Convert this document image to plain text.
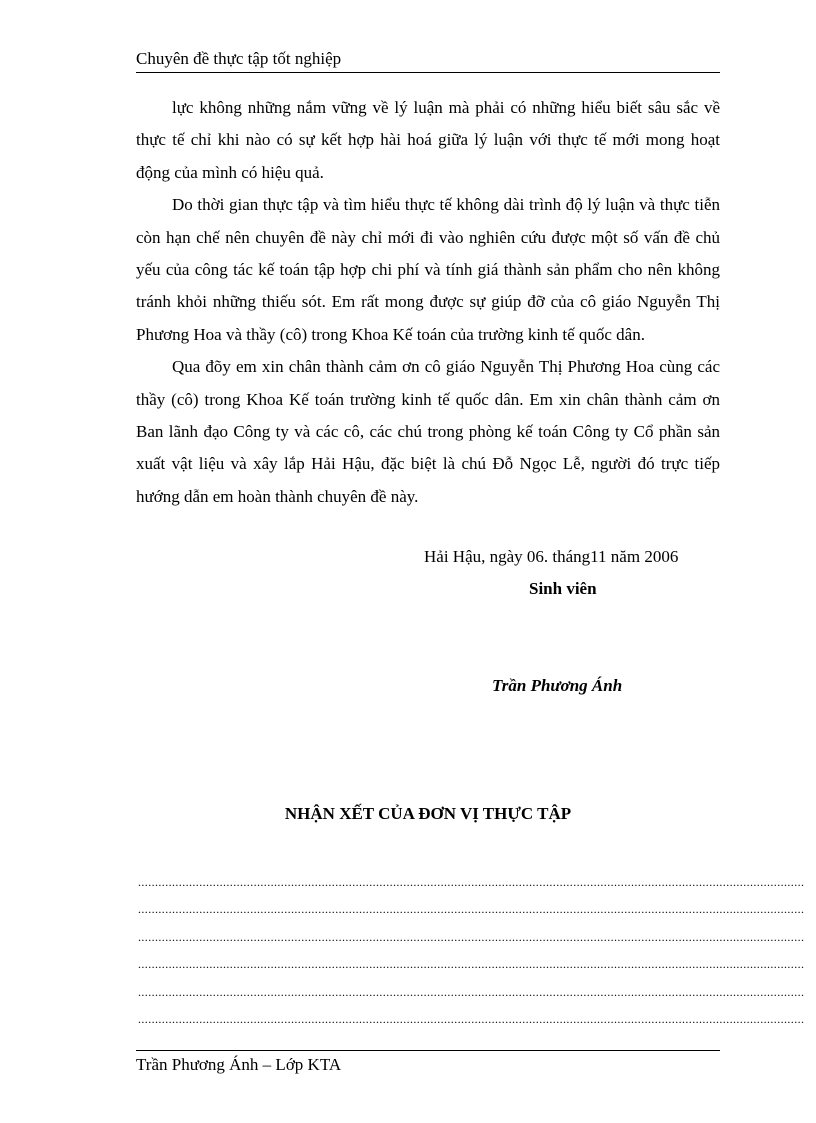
Chuyên đề thực tập tốt nghiệp

lực không những nắm vững về lý luận mà phải có những hiểu biết sâu sắc về thực tế chỉ khi nào có sự kết hợp hài hoá giữa lý luận với thực tế mới mong hoạt động của mình có hiệu quả.

Do thời gian thực tập và tìm hiểu thực tế không dài trình độ lý luận và thực tiễn còn hạn chế nên chuyên đề này chỉ mới đi vào nghiên cứu được một số vấn đề chủ yếu của công tác kế toán tập hợp chi phí và tính giá thành sản phẩm cho nên không tránh khỏi những thiếu sót. Em rất mong được sự giúp đỡ của cô giáo Nguyễn Thị Phương Hoa và thầy (cô) trong Khoa Kế toán của trường kinh tế quốc dân.

Qua đõy em xin chân thành cảm ơn cô giáo Nguyễn Thị Phương Hoa cùng các thầy (cô) trong Khoa Kế toán trường kinh tế quốc dân. Em xin chân thành cảm ơn Ban lãnh đạo Công ty và các cô, các chú trong phòng kế toán Công ty Cổ phần sản xuất vật liệu và xây lắp Hải Hậu, đặc biệt là chú Đỗ Ngọc Lễ, người đó trực tiếp hướng dẫn em hoàn thành chuyên đề này.

Hải Hậu, ngày 06. tháng11 năm 2006
Sinh viên
Trần Phương Ánh
NHẬN XẾT CỦA ĐƠN VỊ THỰC TẬP
....................................................................................................................................................................................................
....................................................................................................................................................................................................
....................................................................................................................................................................................................
....................................................................................................................................................................................................
....................................................................................................................................................................................................
....................................................................................................................................................................................................
Trần Phương Ánh – Lớp KTA
